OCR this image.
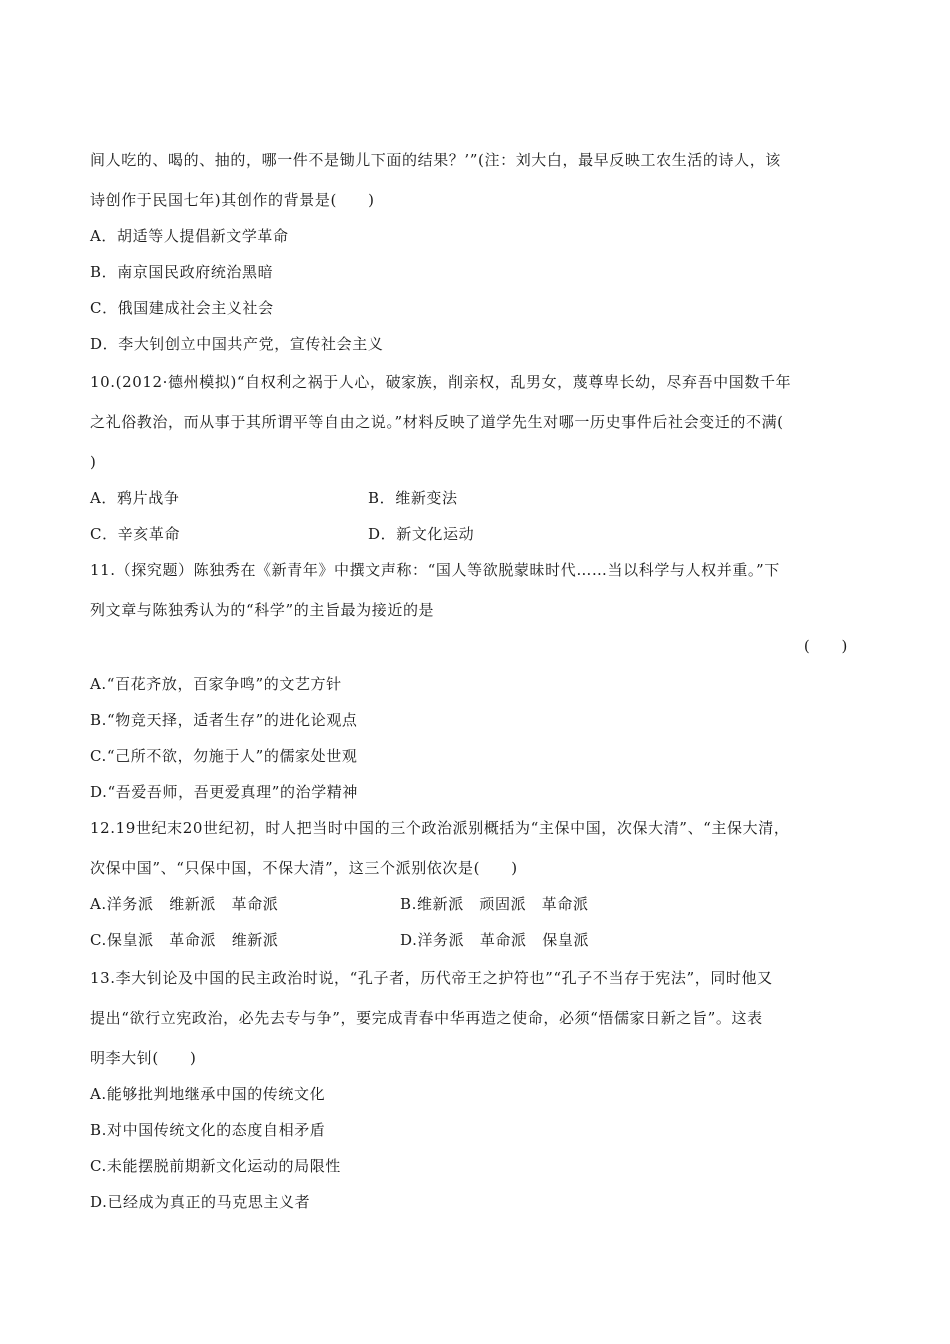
间人吃的、喝的、抽的，哪一件不是锄儿下面的结果？’”(注：刘大白，最早反映工农生活的诗人，该
诗创作于民国七年)其创作的背景是(　　)
A．胡适等人提倡新文学革命
B．南京国民政府统治黑暗
C．俄国建成社会主义社会
D．李大钊创立中国共产党，宣传社会主义
10.(2012·德州模拟)“自权利之祸于人心，破家族，削亲权，乱男女，蔑尊卑长幼，尽弃吾中国数千年
之礼俗教治，而从事于其所谓平等自由之说。”材料反映了道学先生对哪一历史事件后社会变迁的不满(
)
A．鸦片战争	B．维新变法
C．辛亥革命	D．新文化运动
11.（探究题）陈独秀在《新青年》中撰文声称：“国人等欲脱蒙昧时代……当以科学与人权并重。”下
列文章与陈独秀认为的“科学”的主旨最为接近的是
(　　)
A.“百花齐放，百家争鸣”的文艺方针
B.“物竞天择，适者生存”的进化论观点
C.“己所不欲，勿施于人”的儒家处世观
D.“吾爱吾师，吾更爱真理”的治学精神
12.19世纪末20世纪初，时人把当时中国的三个政治派别概括为“主保中国，次保大清”、“主保大清，
次保中国”、“只保中国，不保大清”，这三个派别依次是(　　)
A.洋务派　维新派　革命派	B.维新派　顽固派　革命派
C.保皇派　革命派　维新派	D.洋务派　革命派　保皇派
13.李大钊论及中国的民主政治时说，“孔子者，历代帝王之护符也”“孔子不当存于宪法”，同时他又
提出“欲行立宪政治，必先去专与争”，要完成青春中华再造之使命，必须“悟儒家日新之旨”。这表
明李大钊(　　)
A.能够批判地继承中国的传统文化
B.对中国传统文化的态度自相矛盾
C.未能摆脱前期新文化运动的局限性
D.已经成为真正的马克思主义者
